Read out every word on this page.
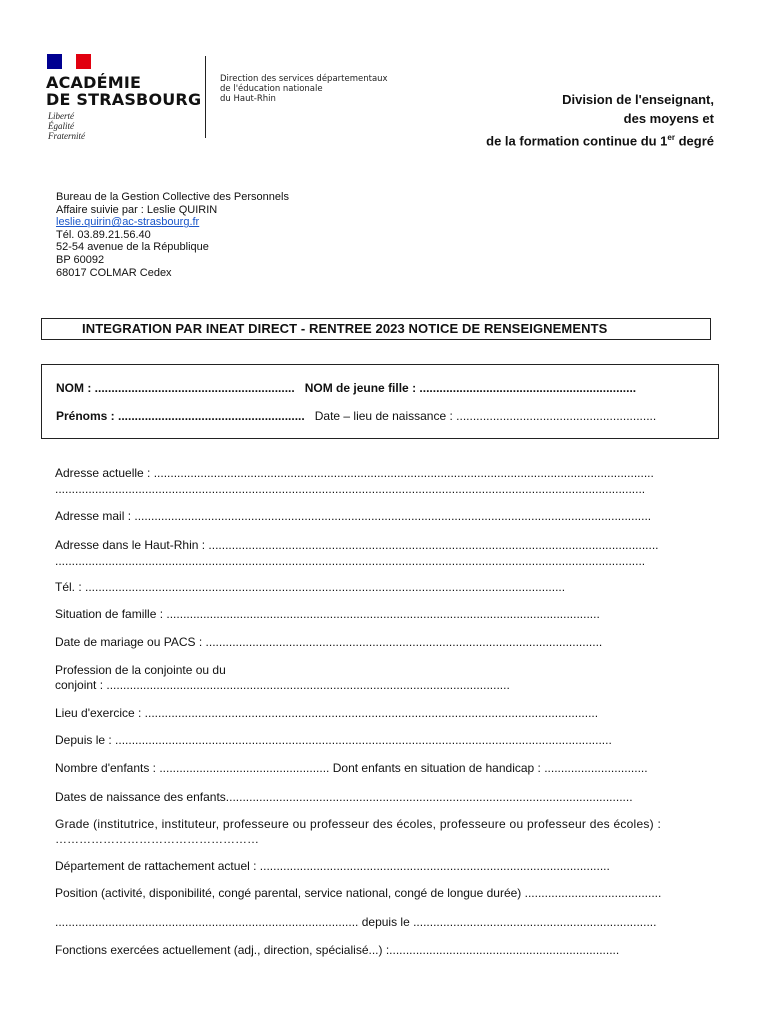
ACADÉMIE
DE STRASBOURG
Liberté
Égalité
Fraternité
Direction des services départementaux
de l'éducation nationale
du Haut-Rhin	Division de l'enseignant,
des moyens et
de la formation continue du 1er degré
Bureau de la Gestion Collective des Personnels
Affaire suivie par : Leslie QUIRIN
leslie.quirin@ac-strasbourg.fr
Tél. 03.89.21.56.40
52-54 avenue de la République
BP 60092
68017 COLMAR Cedex
INTEGRATION PAR INEAT DIRECT - RENTREE 2023 NOTICE DE RENSEIGNEMENTS
NOM : ............................................................ NOM de jeune fille : .................................................................
Prénoms : ........................................................ Date – lieu de naissance : ............................................................
Adresse actuelle : ......................................................................................................................................................
.................................................................................................................................................................................
Adresse mail : ...........................................................................................................................................................
Adresse dans le Haut-Rhin : .......................................................................................................................................
.................................................................................................................................................................................
Tél. : ................................................................................................................................................
Situation de famille : ..................................................................................................................................
Date de mariage ou PACS : .......................................................................................................................
Profession de la conjointe ou du
conjoint : .........................................................................................................................
Lieu d'exercice : ........................................................................................................................................
Depuis le : .....................................................................................................................................................
Nombre d'enfants : ................................................... Dont enfants en situation de handicap : ...............................
Dates de naissance des enfants..........................................................................................................................
Grade (institutrice, instituteur, professeure ou professeur des écoles, professeure ou professeur des écoles) :
……………………………………………
Département de rattachement actuel : .........................................................................................................
Position (activité, disponibilité, congé parental, service national, congé de longue durée) .........................................
........................................................................................... depuis le .........................................................................
Fonctions exercées actuellement (adj., direction, spécialisé...) :.....................................................................
